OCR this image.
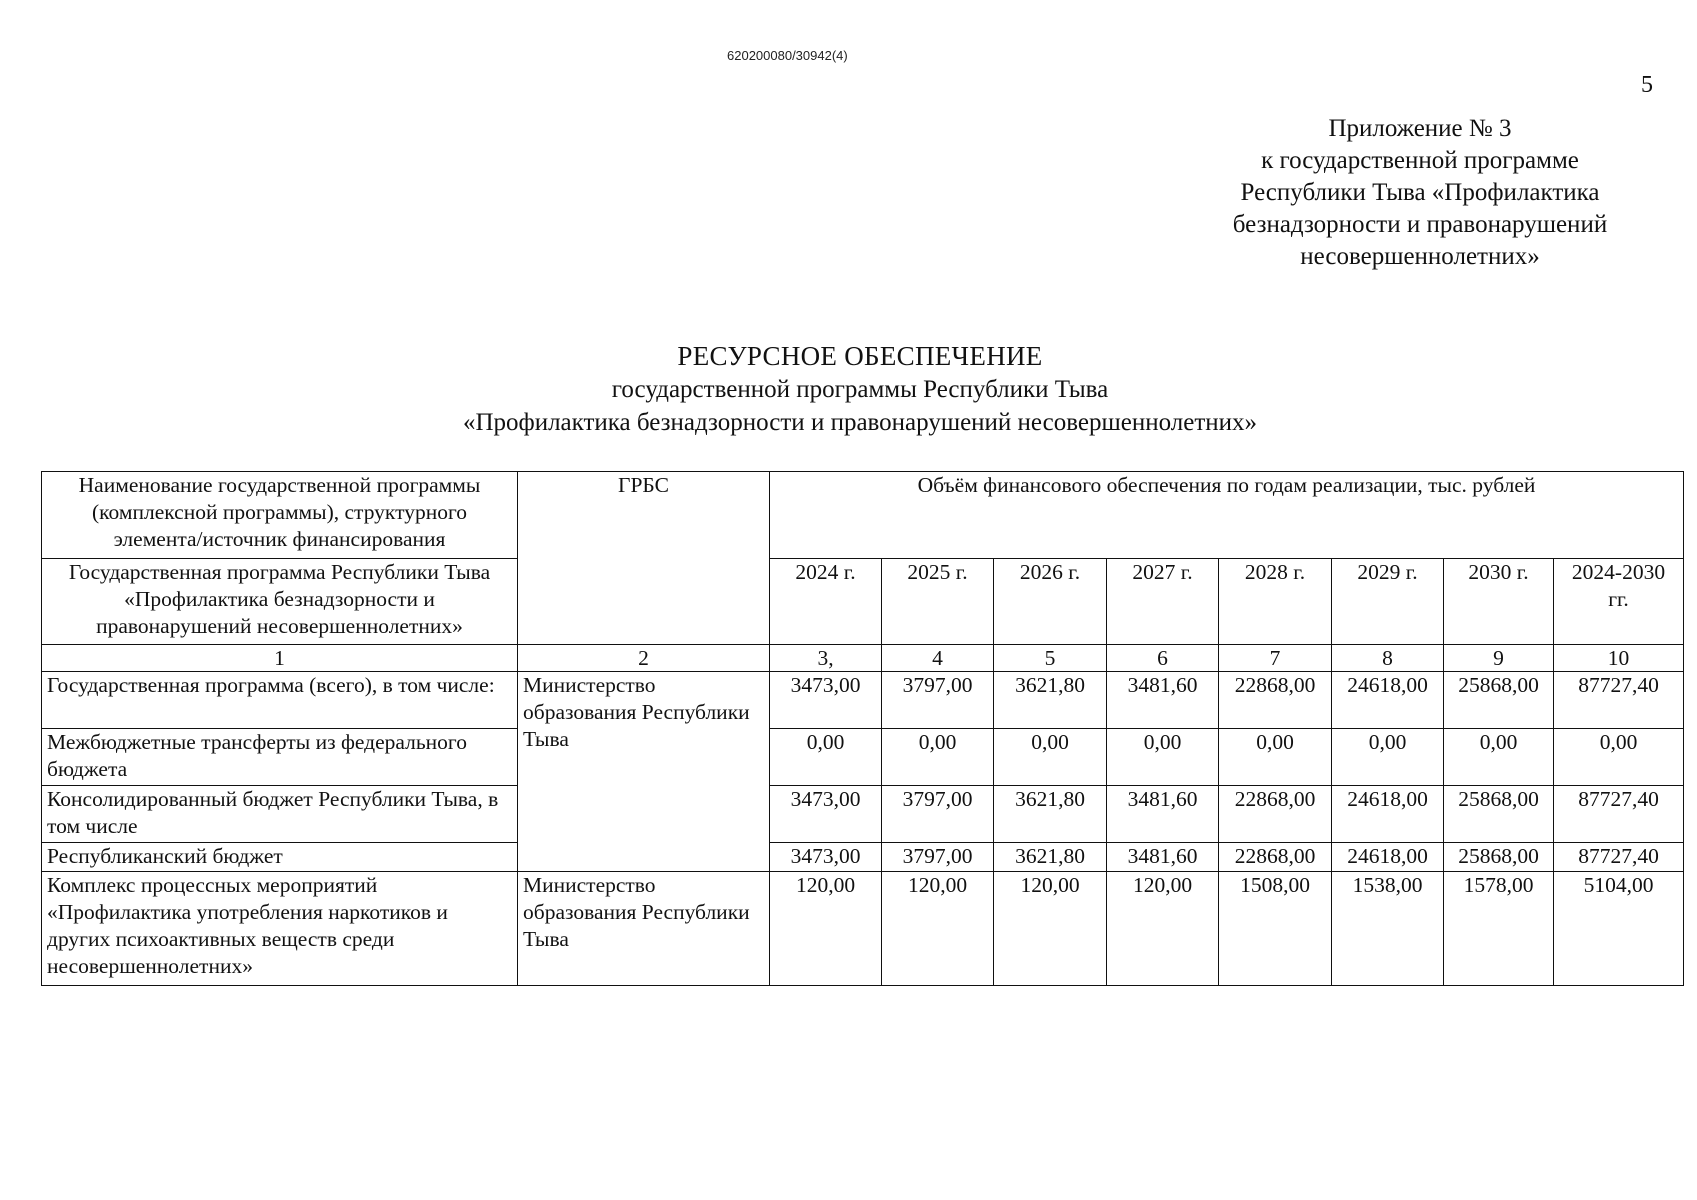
620200080/30942(4)
5
Приложение № 3
к государственной программе
Республики Тыва «Профилактика
безнадзорности и правонарушений
несовершеннолетних»
РЕСУРСНОЕ ОБЕСПЕЧЕНИЕ
государственной программы Республики Тыва
«Профилактика безнадзорности и правонарушений несовершеннолетних»
Наименование государственной программы (комплексной программы), структурного элемента/источник финансирования	ГРБС	Объём финансового обеспечения по годам реализации, тыс. рублей							
Государственная программа Республики Тыва «Профилактика безнадзорности и правонарушений несовершеннолетних»		2024 г.	2025 г.	2026 г.	2027 г.	2028 г.	2029 г.	2030 г.	2024-2030 гг.
1	2	3,	4	5	6	7	8	9	10
Государственная программа (всего), в том числе:	Министерство образования Республики Тыва	3473,00	3797,00	3621,80	3481,60	22868,00	24618,00	25868,00	87727,40
Межбюджетные трансферты из федерального бюджета		0,00	0,00	0,00	0,00	0,00	0,00	0,00	0,00
Консолидированный бюджет Республики Тыва, в том числе		3473,00	3797,00	3621,80	3481,60	22868,00	24618,00	25868,00	87727,40
Республиканский бюджет		3473,00	3797,00	3621,80	3481,60	22868,00	24618,00	25868,00	87727,40
Комплекс процессных мероприятий «Профилактика употребления наркотиков и других психоактивных веществ среди несовершеннолетних»	Министерство образования Республики Тыва	120,00	120,00	120,00	120,00	1508,00	1538,00	1578,00	5104,00
